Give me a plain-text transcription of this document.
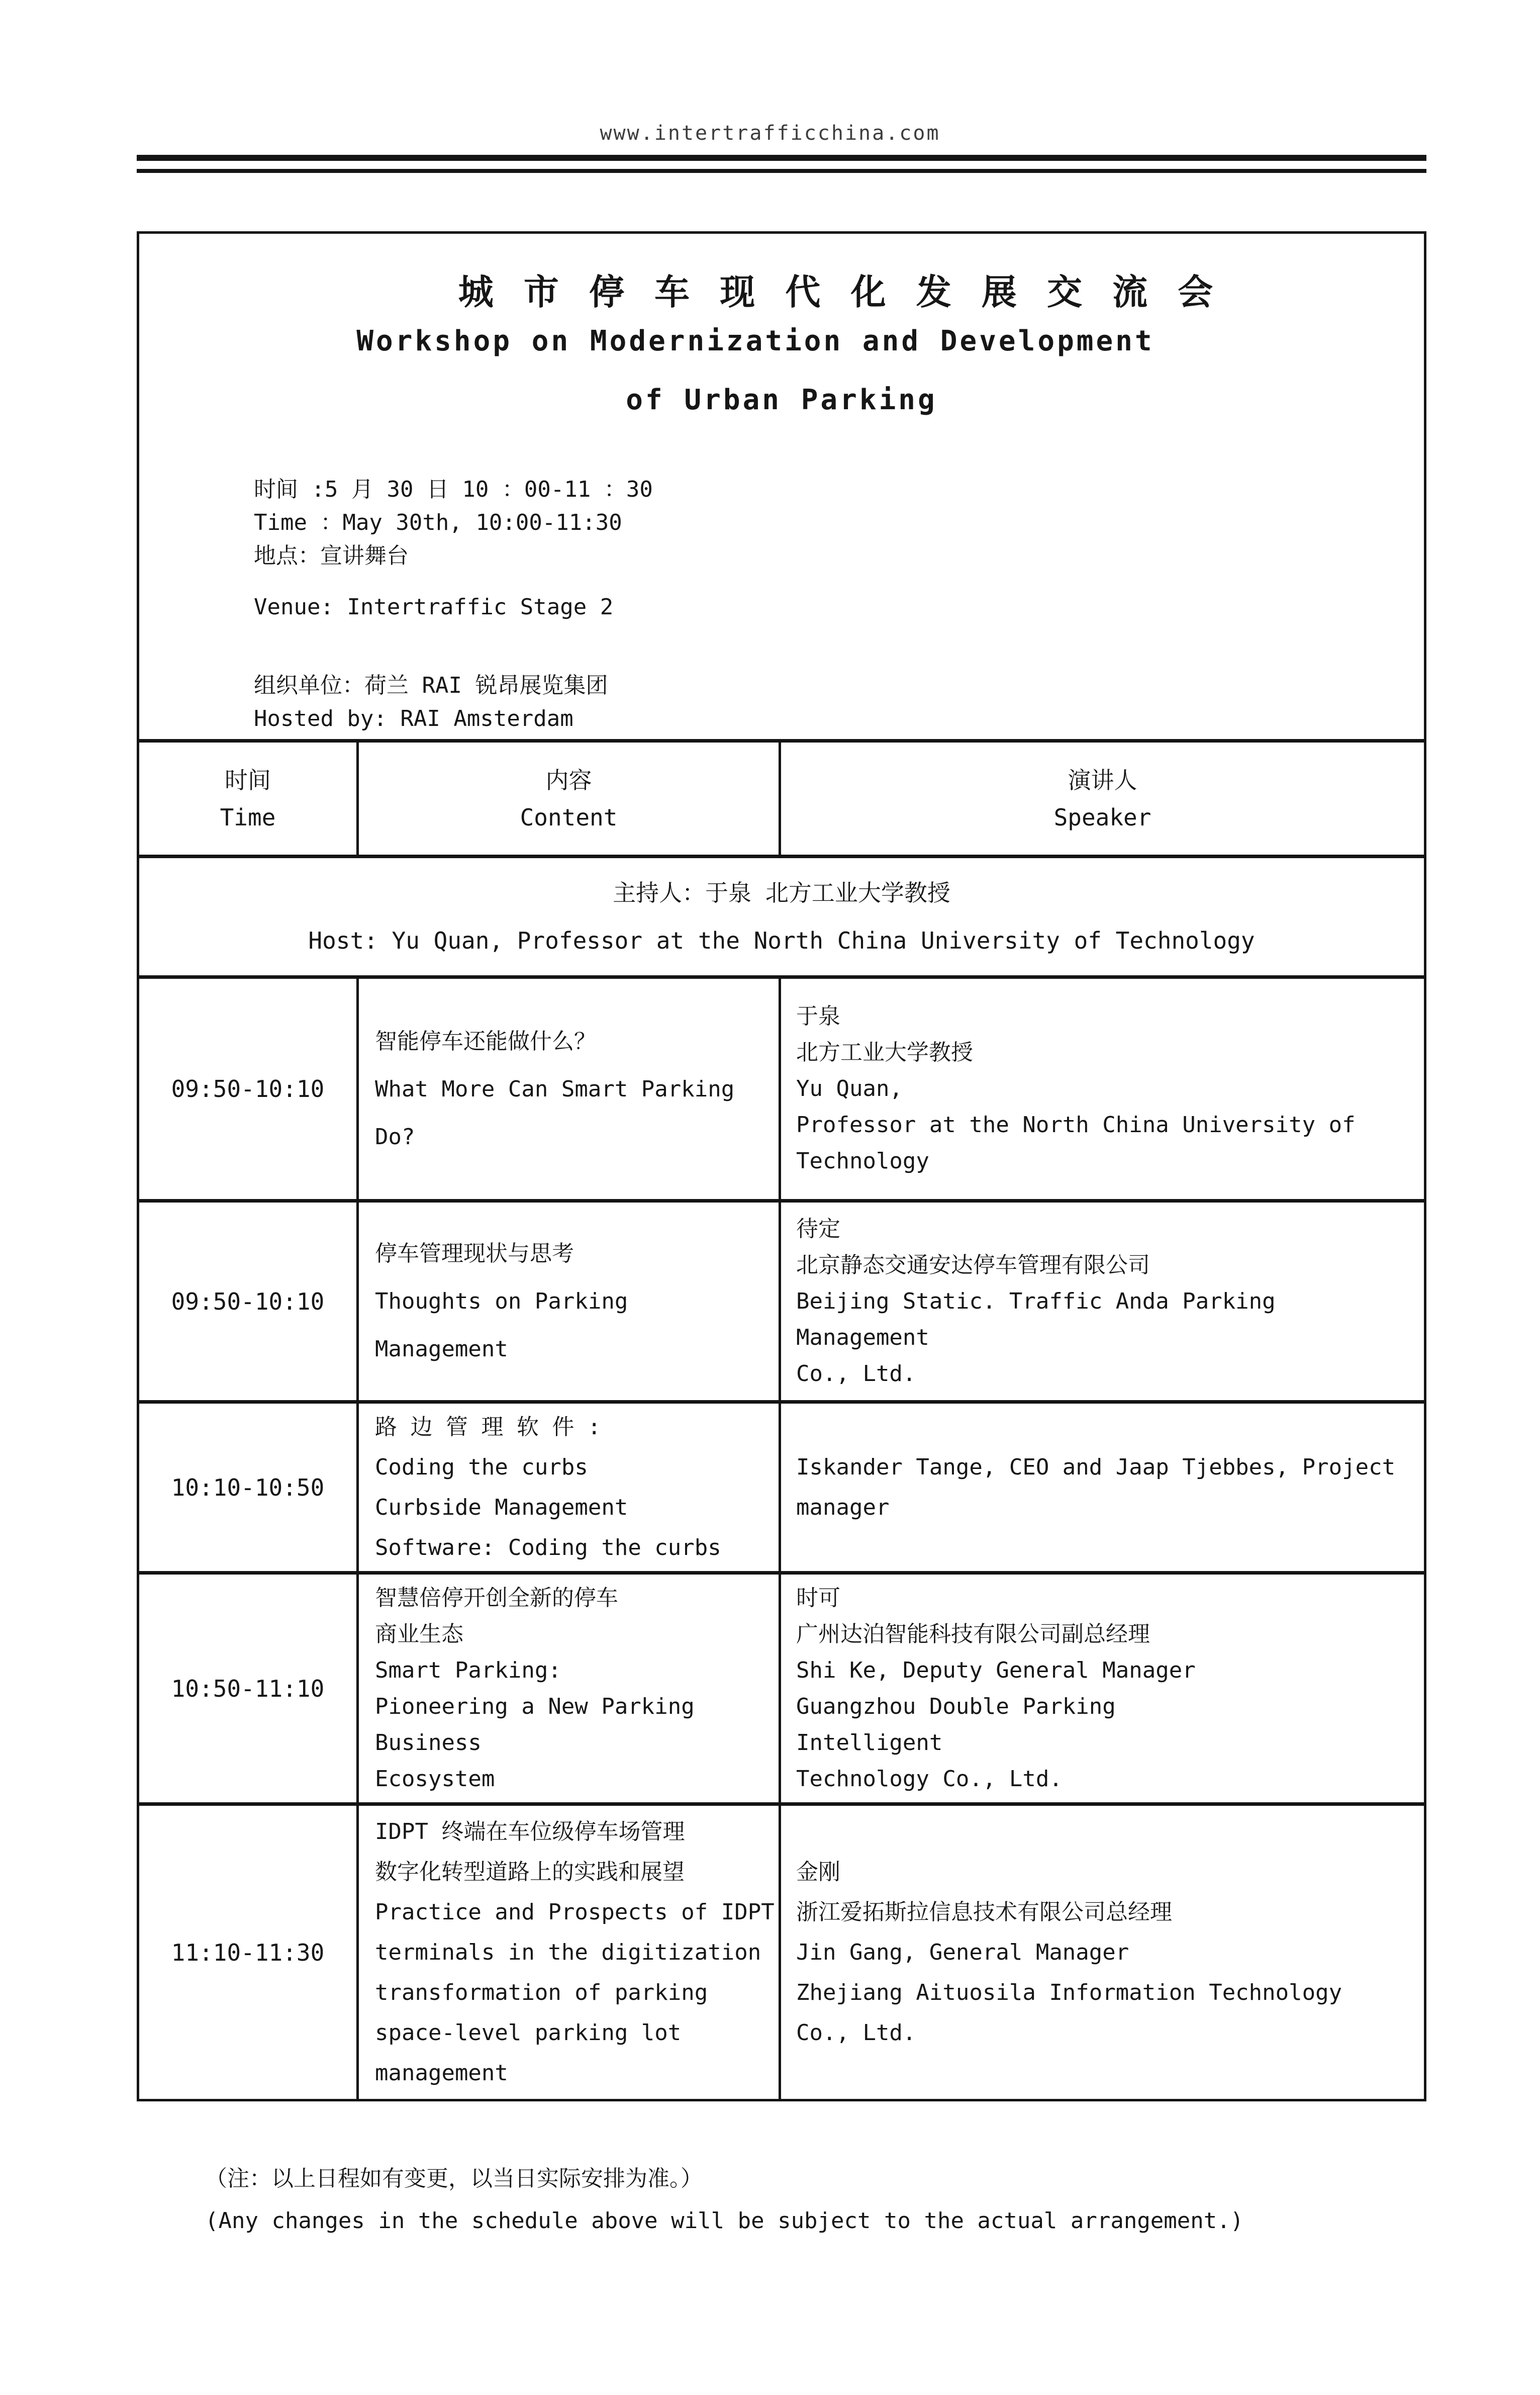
www.intertrafficchina.com
城 市 停 车 现 代 化 发 展 交 流 会
Workshop on Modernization and Development
of Urban Parking
时间 :5 月 30 日 10 ：00-11 ：30
Time ：May 30th, 10:00-11:30
地点：宣讲舞台
Venue: Intertraffic Stage 2
组织单位：荷兰 RAI 锐昂展览集团
Hosted by: RAI Amsterdam
时间
Time
内容
Content
演讲人
Speaker
主持人：于泉 北方工业大学教授
Host: Yu Quan, Professor at the North China University of Technology
09:50-10:10
智能停车还能做什么？
What More Can Smart Parking
Do?
于泉
北方工业大学教授
Yu Quan,
Professor at the North China University of
Technology
09:50-10:10
停车管理现状与思考
Thoughts on Parking
Management
待定
北京静态交通安达停车管理有限公司
Beijing Static. Traffic Anda Parking
Management
Co., Ltd.
10:10-10:50
路 边 管 理 软 件 :
Coding the curbs
Curbside Management
Software: Coding the curbs
Iskander Tange, CEO and Jaap Tjebbes, Project
manager
10:50-11:10
智慧倍停开创全新的停车
商业生态
Smart Parking:
Pioneering a New Parking
Business
Ecosystem
时可
广州达泊智能科技有限公司副总经理
Shi Ke, Deputy General Manager
Guangzhou Double Parking
Intelligent
Technology Co., Ltd.
11:10-11:30
IDPT 终端在车位级停车场管理
数字化转型道路上的实践和展望
Practice and Prospects of IDPT
terminals in the digitization
transformation of parking
space-level parking lot
management
金刚
浙江爱拓斯拉信息技术有限公司总经理
Jin Gang, General Manager
Zhejiang Aituosila Information Technology
Co., Ltd.
（注：以上日程如有变更，以当日实际安排为准。）
(Any changes in the schedule above will be subject to the actual arrangement.)
